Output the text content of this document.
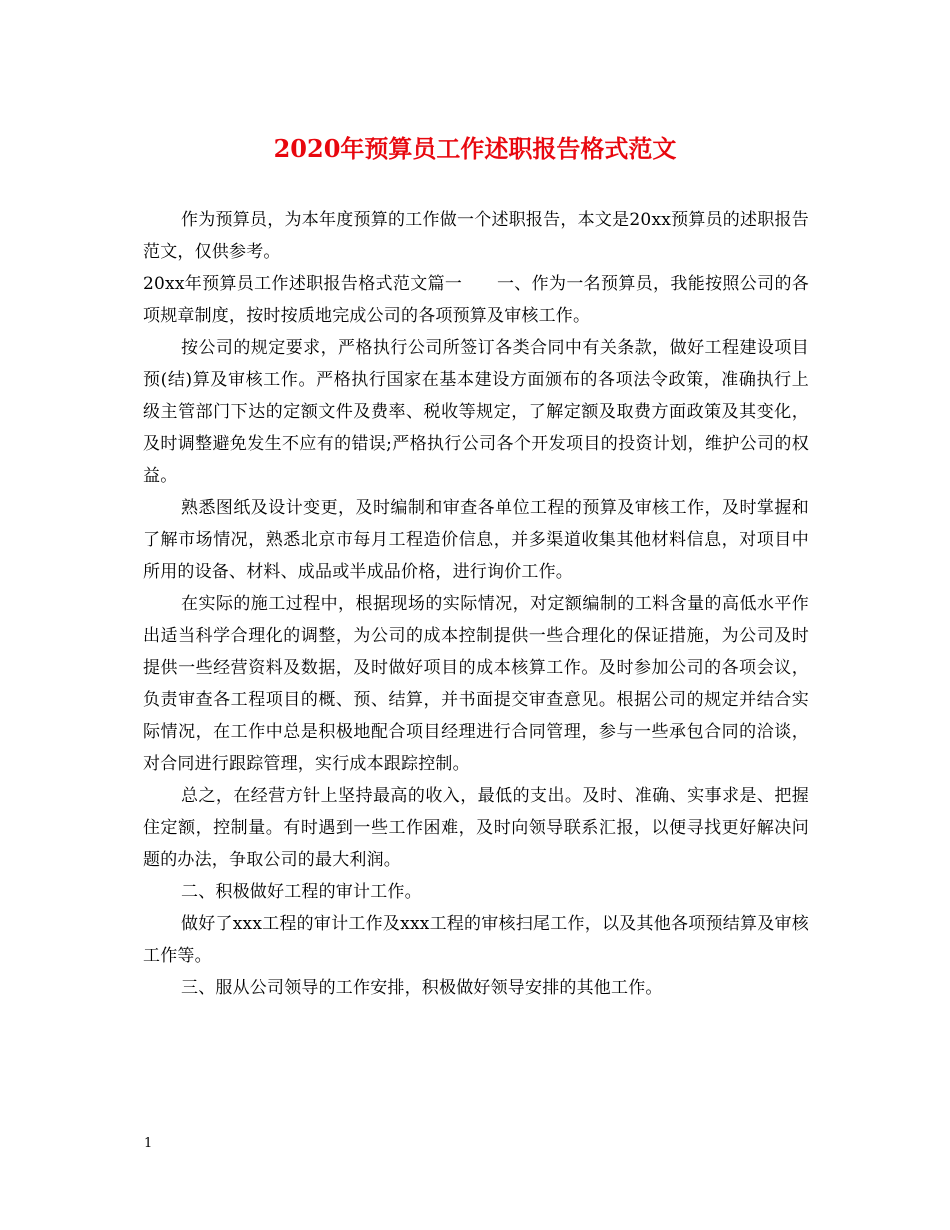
2020年预算员工作述职报告格式范文

作为预算员，为本年度预算的工作做一个述职报告，本文是20xx预算员的述职报告范文，仅供参考。

20xx年预算员工作述职报告格式范文篇一　　一、作为一名预算员，我能按照公司的各项规章制度，按时按质地完成公司的各项预算及审核工作。

按公司的规定要求，严格执行公司所签订各类合同中有关条款，做好工程建设项目预(结)算及审核工作。严格执行国家在基本建设方面颁布的各项法令政策，准确执行上级主管部门下达的定额文件及费率、税收等规定，了解定额及取费方面政策及其变化，及时调整避免发生不应有的错误;严格执行公司各个开发项目的投资计划，维护公司的权益。

熟悉图纸及设计变更，及时编制和审查各单位工程的预算及审核工作，及时掌握和了解市场情况，熟悉北京市每月工程造价信息，并多渠道收集其他材料信息，对项目中所用的设备、材料、成品或半成品价格，进行询价工作。

在实际的施工过程中，根据现场的实际情况，对定额编制的工料含量的高低水平作出适当科学合理化的调整，为公司的成本控制提供一些合理化的保证措施，为公司及时提供一些经营资料及数据，及时做好项目的成本核算工作。及时参加公司的各项会议，负责审查各工程项目的概、预、结算，并书面提交审查意见。根据公司的规定并结合实际情况，在工作中总是积极地配合项目经理进行合同管理，参与一些承包合同的洽谈，对合同进行跟踪管理，实行成本跟踪控制。

总之，在经营方针上坚持最高的收入，最低的支出。及时、准确、实事求是、把握住定额，控制量。有时遇到一些工作困难，及时向领导联系汇报，以便寻找更好解决问题的办法，争取公司的最大利润。

二、积极做好工程的审计工作。

做好了xxx工程的审计工作及xxx工程的审核扫尾工作，以及其他各项预结算及审核工作等。

三、服从公司领导的工作安排，积极做好领导安排的其他工作。

1
